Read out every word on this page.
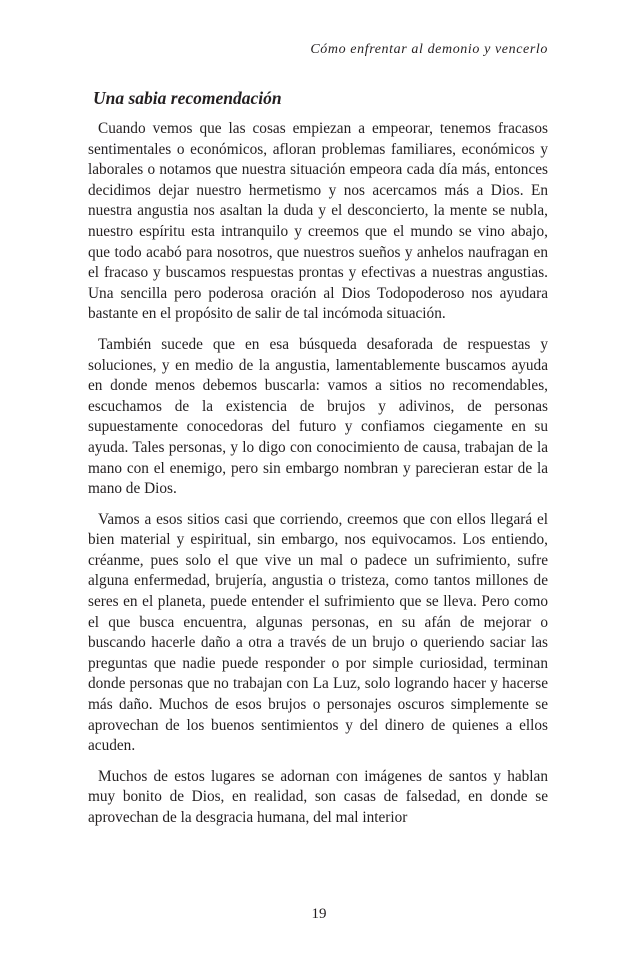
Cómo enfrentar al demonio y vencerlo
Una sabia recomendación

Cuando vemos que las cosas empiezan a empeorar, tenemos fracasos sentimentales o económicos, afloran problemas familiares, económicos y laborales o notamos que nuestra situación empeora cada día más, entonces decidimos dejar nuestro hermetismo y nos acercamos más a Dios. En nuestra angustia nos asaltan la duda y el desconcierto, la mente se nubla, nuestro espíritu esta intranquilo y creemos que el mundo se vino abajo, que todo acabó para nosotros, que nuestros sueños y anhelos naufragan en el fracaso y buscamos respuestas prontas y efectivas a nuestras angustias. Una sencilla pero poderosa oración al Dios Todopoderoso nos ayudara bastante en el propósito de salir de tal incómoda situación.

También sucede que en esa búsqueda desaforada de respuestas y soluciones, y en medio de la angustia, lamentablemente buscamos ayuda en donde menos debemos buscarla: vamos a sitios no recomendables, escuchamos de la existencia de brujos y adivinos, de personas supuestamente conocedoras del futuro y confiamos ciegamente en su ayuda. Tales personas, y lo digo con conocimiento de causa, trabajan de la mano con el enemigo, pero sin embargo nombran y parecieran estar de la mano de Dios.

Vamos a esos sitios casi que corriendo, creemos que con ellos llegará el bien material y espiritual, sin embargo, nos equivocamos. Los entiendo, créanme, pues solo el que vive un mal o padece un sufrimiento, sufre alguna enfermedad, brujería, angustia o tristeza, como tantos millones de seres en el planeta, puede entender el sufrimiento que se lleva. Pero como el que busca encuentra, algunas personas, en su afán de mejorar o buscando hacerle daño a otra a través de un brujo o queriendo saciar las preguntas que nadie puede responder o por simple curiosidad, terminan donde personas que no trabajan con La Luz, solo logrando hacer y hacerse más daño. Muchos de esos brujos o personajes oscuros simplemente se aprovechan de los buenos sentimientos y del dinero de quienes a ellos acuden.

Muchos de estos lugares se adornan con imágenes de santos y hablan muy bonito de Dios, en realidad, son casas de falsedad, en donde se aprovechan de la desgracia humana, del mal interior

19
